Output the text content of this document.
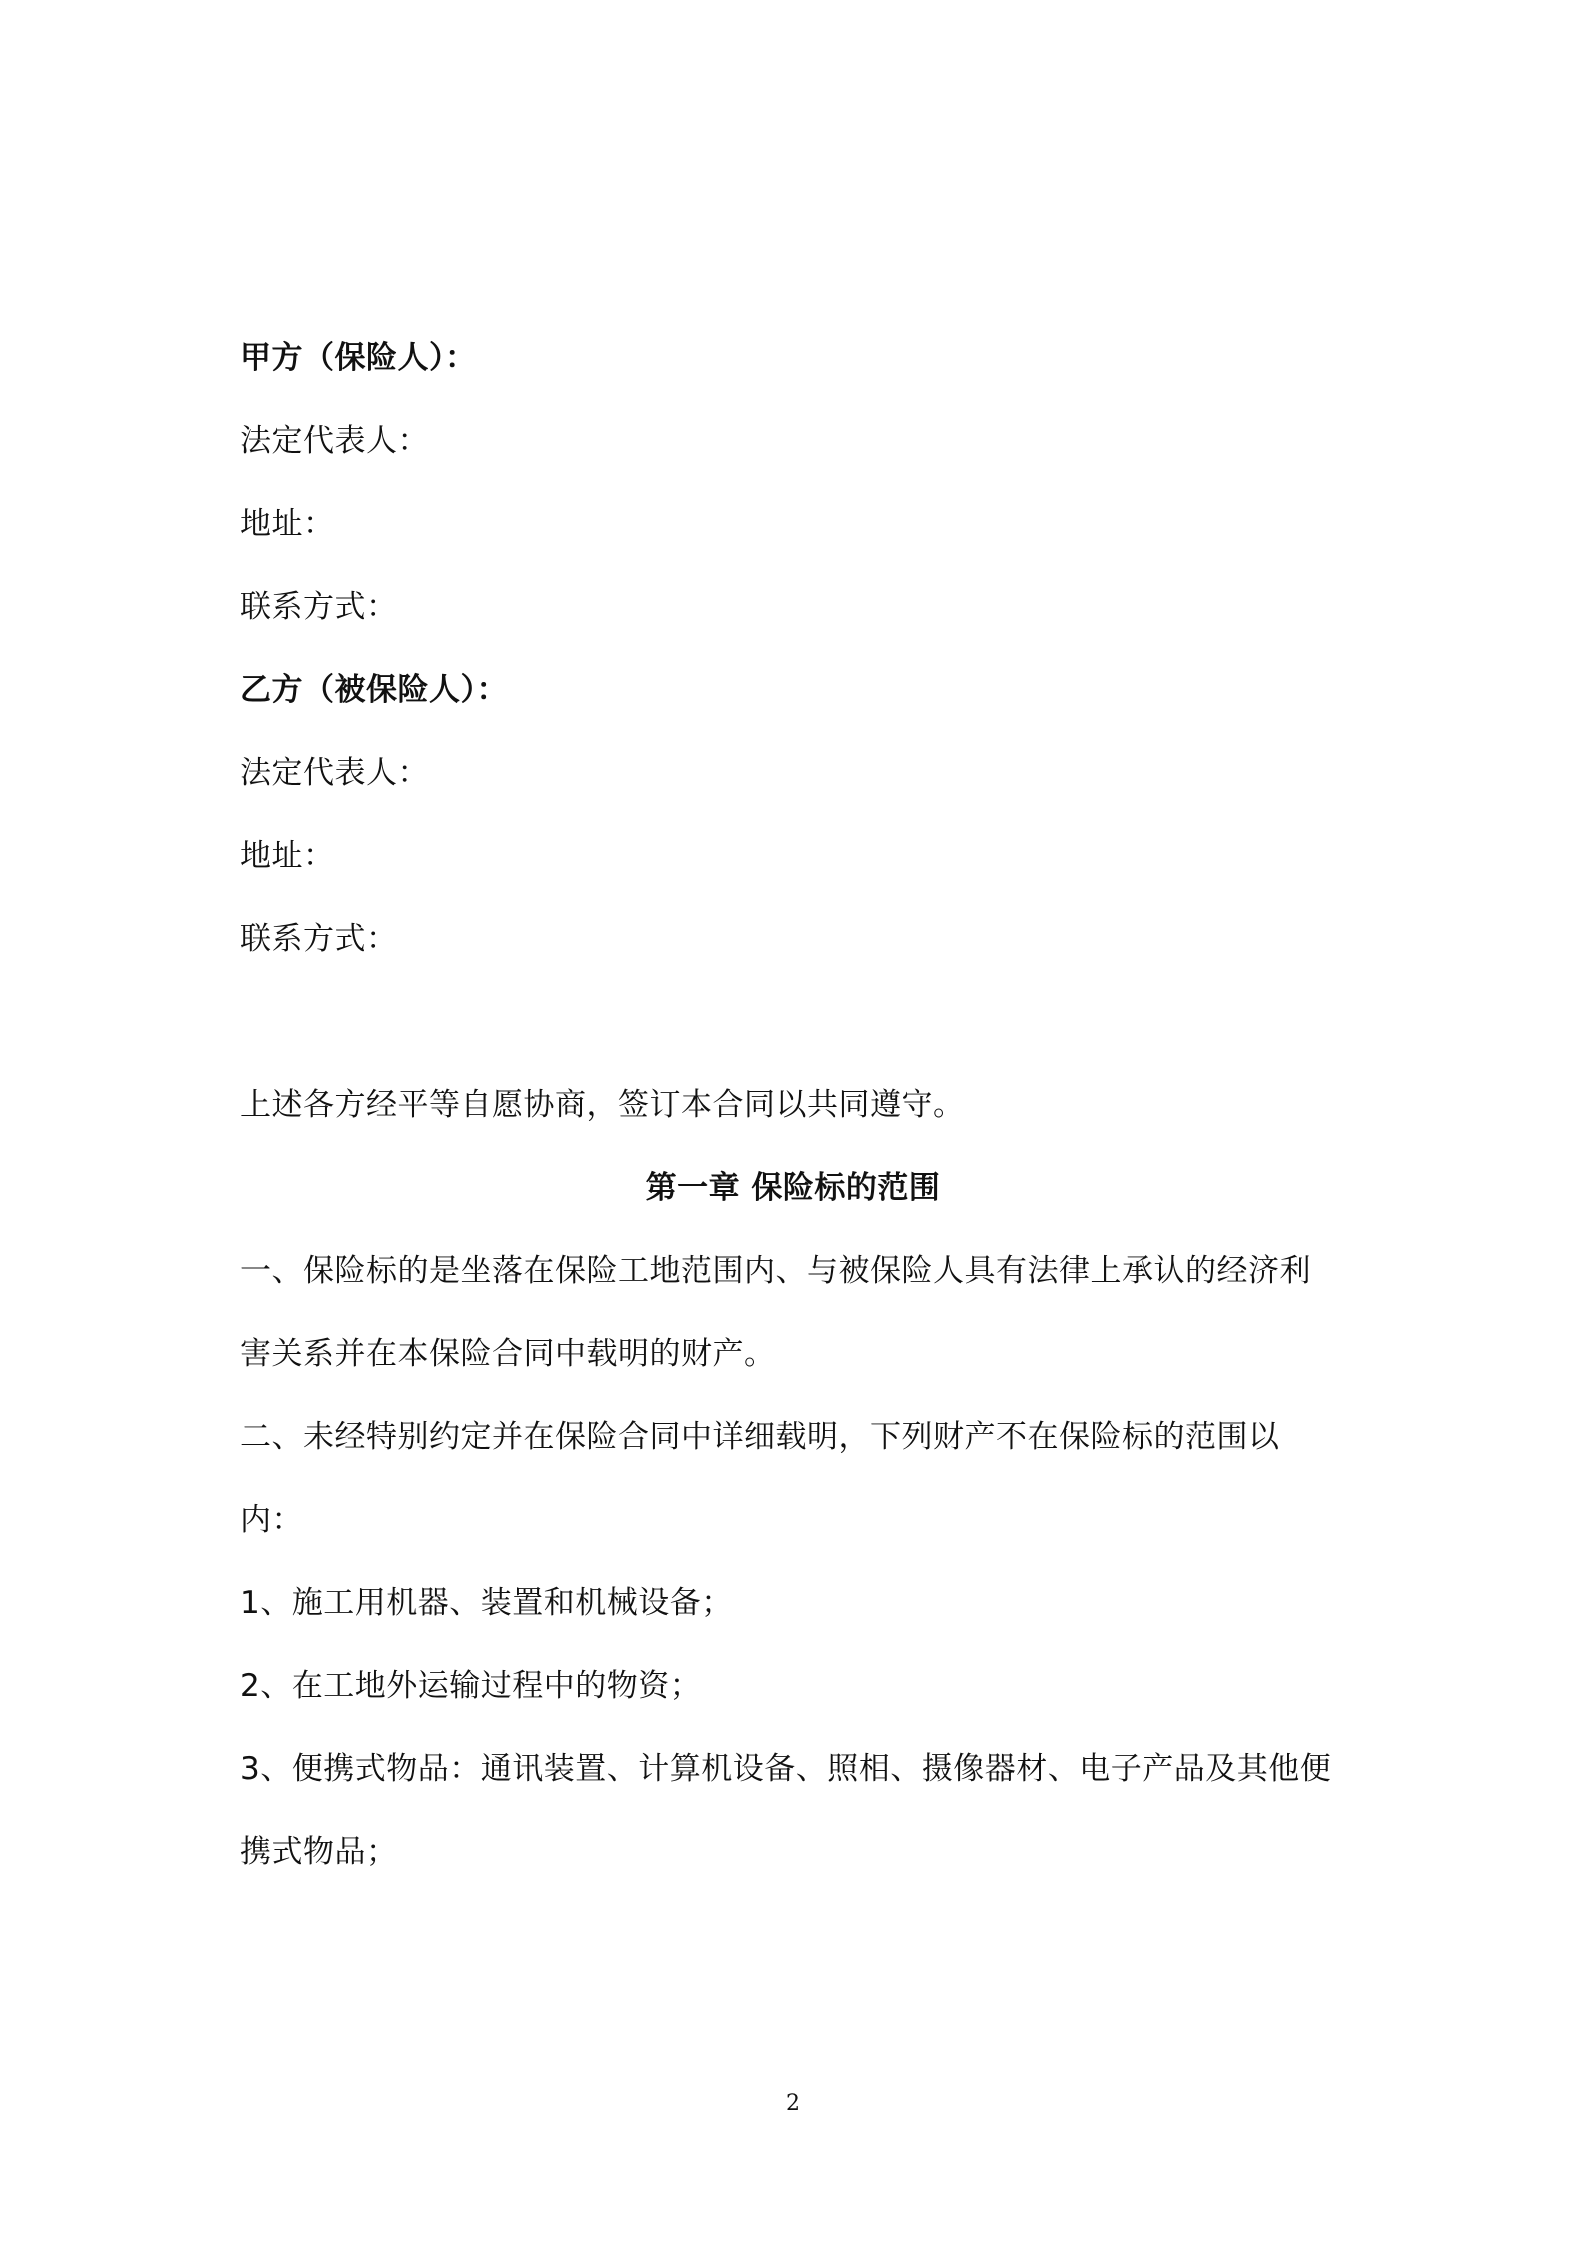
甲方（保险人）：
法定代表人：
地址：
联系方式：
乙方（被保险人）：
法定代表人：
地址：
联系方式：
上述各方经平等自愿协商，签订本合同以共同遵守。
第一章 保险标的范围
一、保险标的是坐落在保险工地范围内、与被保险人具有法律上承认的经济利
害关系并在本保险合同中载明的财产。
二、未经特别约定并在保险合同中详细载明，下列财产不在保险标的范围以
内：
1、施工用机器、装置和机械设备；
2、在工地外运输过程中的物资；
3、便携式物品：通讯装置、计算机设备、照相、摄像器材、电子产品及其他便
携式物品；
2
